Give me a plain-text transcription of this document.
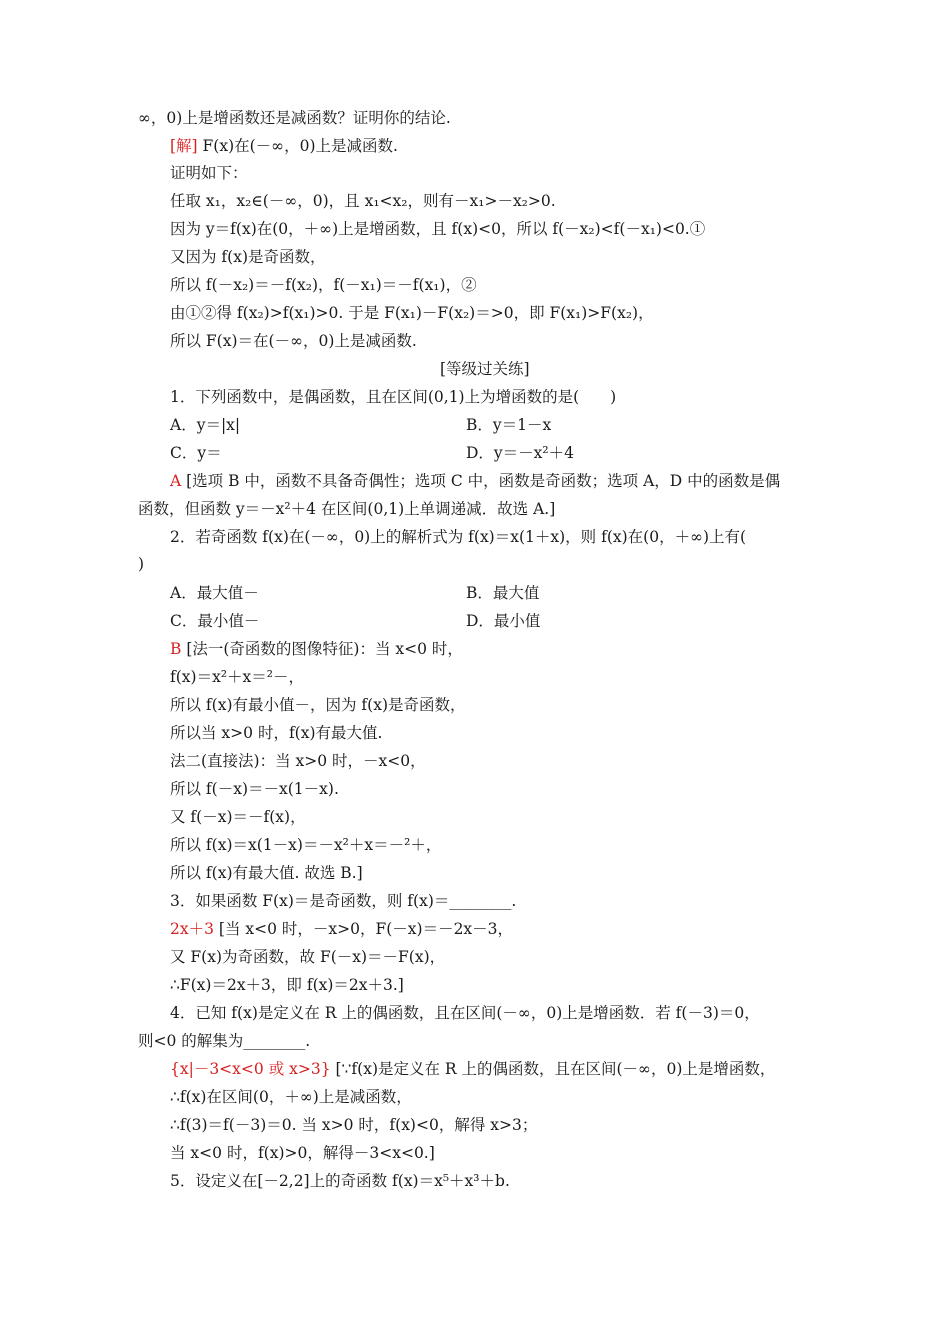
∞，0)上是增函数还是减函数？证明你的结论.
[解] F(x)在(－∞，0)上是减函数.
证明如下：
任取 x₁，x₂∈(－∞，0)，且 x₁<x₂，则有－x₁>－x₂>0.
因为 y＝f(x)在(0，＋∞)上是增函数，且 f(x)<0，所以 f(－x₂)<f(－x₁)<0.①
又因为 f(x)是奇函数，
所以 f(－x₂)＝－f(x₂)，f(－x₁)＝－f(x₁)，②
由①②得 f(x₂)>f(x₁)>0. 于是 F(x₁)－F(x₂)＝>0，即 F(x₁)>F(x₂)，
所以 F(x)＝在(－∞，0)上是减函数.
[等级过关练]
1．下列函数中，是偶函数，且在区间(0,1)上为增函数的是(　　)
A．y＝|x|	B．y＝1－x
C．y＝	D．y＝－x²＋4
A [选项 B 中，函数不具备奇偶性；选项 C 中，函数是奇函数；选项 A，D 中的函数是偶
函数，但函数 y＝－x²＋4 在区间(0,1)上单调递减．故选 A.]
2．若奇函数 f(x)在(－∞，0)上的解析式为 f(x)＝x(1＋x)，则 f(x)在(0，＋∞)上有(
)
A．最大值－	B．最大值
C．最小值－	D．最小值
B [法一(奇函数的图像特征)：当 x<0 时，
f(x)＝x²＋x＝²－，
所以 f(x)有最小值－，因为 f(x)是奇函数，
所以当 x>0 时，f(x)有最大值.
法二(直接法)：当 x>0 时，－x<0，
所以 f(－x)＝－x(1－x).
又 f(－x)＝－f(x)，
所以 f(x)＝x(1－x)＝－x²＋x＝－²＋，
所以 f(x)有最大值. 故选 B.]
3．如果函数 F(x)＝是奇函数，则 f(x)＝________.
2x＋3 [当 x<0 时，－x>0，F(－x)＝－2x－3，
又 F(x)为奇函数，故 F(－x)＝－F(x)，
∴F(x)＝2x＋3，即 f(x)＝2x＋3.]
4．已知 f(x)是定义在 R 上的偶函数，且在区间(－∞，0)上是增函数．若 f(－3)＝0，
则<0 的解集为________.
{x|－3<x<0 或 x>3} [∵f(x)是定义在 R 上的偶函数，且在区间(－∞，0)上是增函数，
∴f(x)在区间(0，＋∞)上是减函数，
∴f(3)＝f(－3)＝0. 当 x>0 时，f(x)<0，解得 x>3；
当 x<0 时，f(x)>0，解得－3<x<0.]
5．设定义在[－2,2]上的奇函数 f(x)＝x⁵＋x³＋b.
